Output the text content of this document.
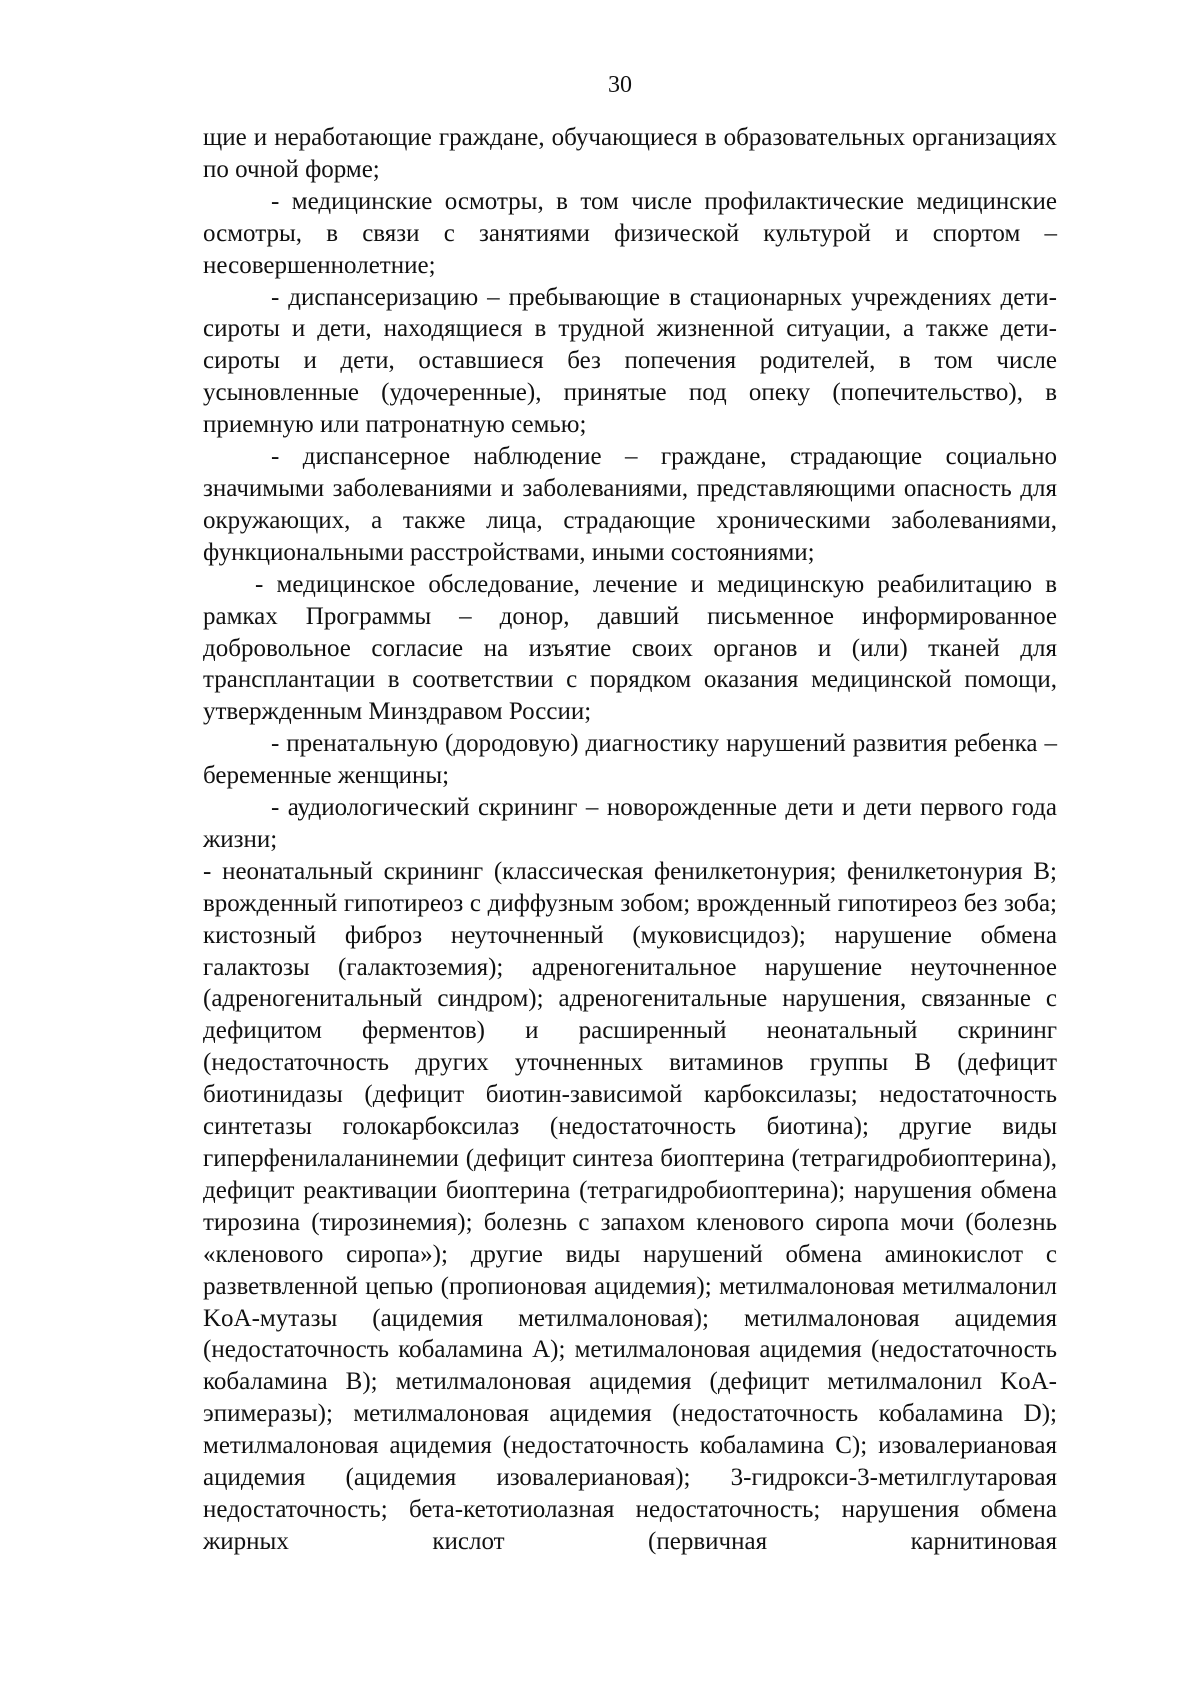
30

щие и неработающие граждане, обучающиеся в образовательных организациях по очной форме;

- медицинские осмотры, в том числе профилактические медицинские осмотры, в связи с занятиями физической культурой и спортом – несовершеннолетние;

- диспансеризацию – пребывающие в стационарных учреждениях дети-сироты и дети, находящиеся в трудной жизненной ситуации, а также дети-сироты и дети, оставшиеся без попечения родителей, в том числе усыновленные (удочеренные), принятые под опеку (попечительство), в приемную или патронатную семью;

- диспансерное наблюдение – граждане, страдающие социально значимыми заболеваниями и заболеваниями, представляющими опасность для окружающих, а также лица, страдающие хроническими заболеваниями, функциональными расстройствами, иными состояниями;

- медицинское обследование, лечение и медицинскую реабилитацию в рамках Программы – донор, давший письменное информированное добровольное согласие на изъятие своих органов и (или) тканей для трансплантации в соответствии с порядком оказания медицинской помощи, утвержденным Минздравом России;

- пренатальную (дородовую) диагностику нарушений развития ребенка – беременные женщины;

- аудиологический скрининг – новорожденные дети и дети первого года жизни;

- неонатальный скрининг (классическая фенилкетонурия; фенилкетонурия B; врожденный гипотиреоз с диффузным зобом; врожденный гипотиреоз без зоба; кистозный фиброз неуточненный (муковисцидоз); нарушение обмена галактозы (галактоземия); адреногенитальное нарушение неуточненное (адреногенитальный синдром); адреногенитальные нарушения, связанные с дефицитом ферментов) и расширенный неонатальный скрининг (недостаточность других уточненных витаминов группы B (дефицит биотинидазы (дефицит биотин-зависимой карбоксилазы; недостаточность синтетазы голокарбоксилаз (недостаточность биотина); другие виды гиперфенилаланинемии (дефицит синтеза биоптерина (тетрагидробиоптерина), дефицит реактивации биоптерина (тетрагидробиоптерина); нарушения обмена тирозина (тирозинемия); болезнь с запахом кленового сиропа мочи (болезнь «кленового сиропа»); другие виды нарушений обмена аминокислот с разветвленной цепью (пропионовая ацидемия); метилмалоновая метилмалонил KoA-мутазы (ацидемия метилмалоновая); метилмалоновая ацидемия (недостаточность кобаламина A); метилмалоновая ацидемия (недостаточность кобаламина B); метилмалоновая ацидемия (дефицит метилмалонил KoA-эпимеразы); метилмалоновая ацидемия (недостаточность кобаламина D); метилмалоновая ацидемия (недостаточность кобаламина C); изовалериановая ацидемия (ацидемия изовалериановая); 3-гидрокси-3-метилглутаровая недостаточность; бета-кетотиолазная недостаточность; нарушения обмена жирных кислот (первичная карнитиновая
